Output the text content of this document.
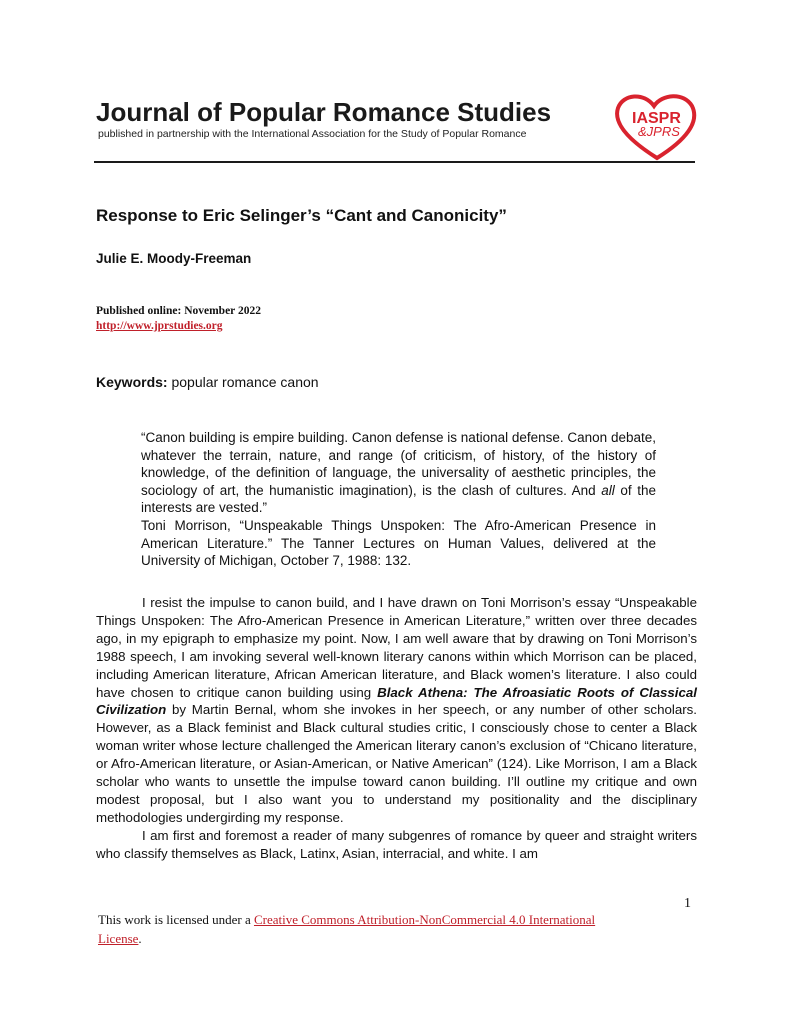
Journal of Popular Romance Studies
published in partnership with the International Association for the Study of Popular Romance
IASPR
&JPRS
Response to Eric Selinger’s “Cant and Canonicity”
Julie E. Moody-Freeman
Published online: November 2022
http://www.jprstudies.org
Keywords: popular romance canon

“Canon building is empire building. Canon defense is national defense. Canon debate, whatever the terrain, nature, and range (of criticism, of history, of the history of knowledge, of the definition of language, the universality of aesthetic principles, the sociology of art, the humanistic imagination), is the clash of cultures. And all of the interests are vested.”

Toni Morrison, “Unspeakable Things Unspoken: The Afro-American Presence in American Literature.” The Tanner Lectures on Human Values, delivered at the University of Michigan, October 7, 1988: 132.

I resist the impulse to canon build, and I have drawn on Toni Morrison’s essay “Unspeakable Things Unspoken: The Afro-American Presence in American Literature,” written over three decades ago, in my epigraph to emphasize my point. Now, I am well aware that by drawing on Toni Morrison’s 1988 speech, I am invoking several well-known literary canons within which Morrison can be placed, including American literature, African American literature, and Black women’s literature. I also could have chosen to critique canon building using Black Athena: The Afroasiatic Roots of Classical Civilization by Martin Bernal, whom she invokes in her speech, or any number of other scholars. However, as a Black feminist and Black cultural studies critic, I consciously chose to center a Black woman writer whose lecture challenged the American literary canon’s exclusion of “Chicano literature, or Afro-American literature, or Asian-American, or Native American” (124). Like Morrison, I am a Black scholar who wants to unsettle the impulse toward canon building. I’ll outline my critique and own modest proposal, but I also want you to understand my positionality and the disciplinary methodologies undergirding my response.

I am first and foremost a reader of many subgenres of romance by queer and straight writers who classify themselves as Black, Latinx, Asian, interracial, and white. I am

1
This work is licensed under a Creative Commons Attribution-NonCommercial 4.0 International License.
